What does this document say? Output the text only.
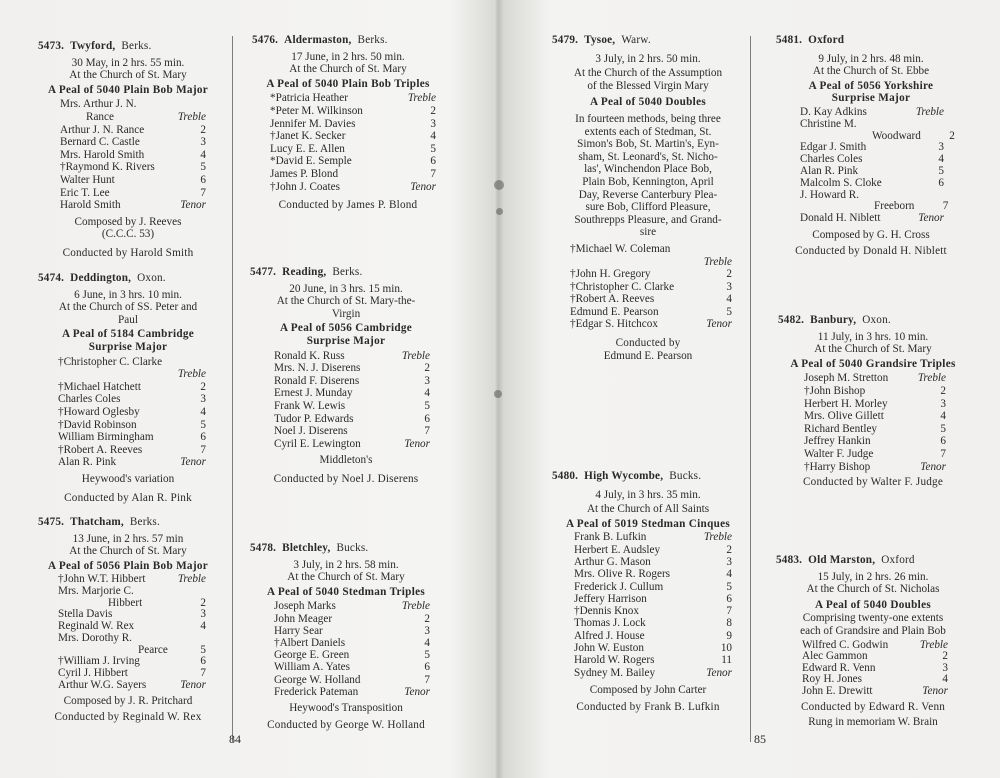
5473. Twyford, Berks.
30 May, in 2 hrs. 55 min.
At the Church of St. Mary
A Peal of 5040 Plain Bob Major
Mrs. Arthur J. N.
Rance	Treble
Arthur J. N. Rance	2
Bernard C. Castle	3
Mrs. Harold Smith	4
†Raymond K. Rivers	5
Walter Hunt	6
Eric T. Lee	7
Harold Smith	Tenor
Composed by J. Reeves
(C.C.C. 53)
Conducted by Harold Smith
5474. Deddington, Oxon.
6 June, in 3 hrs. 10 min.
At the Church of SS. Peter and
Paul
A Peal of 5184 Cambridge
Surprise Major
†Christopher C. Clarke
Treble
†Michael Hatchett	2
Charles Coles	3
†Howard Oglesby	4
†David Robinson	5
William Birmingham	6
†Robert A. Reeves	7
Alan R. Pink	Tenor
Heywood's variation
Conducted by Alan R. Pink
5475. Thatcham, Berks.
13 June, in 2 hrs. 57 min
At the Church of St. Mary
A Peal of 5056 Plain Bob Major
†John W.T. Hibbert	Treble
Mrs. Marjorie C.
Hibbert	2
Stella Davis	3
Reginald W. Rex	4
Mrs. Dorothy R.
Pearce	5
†William J. Irving	6
Cyril J. Hibbert	7
Arthur W.G. Sayers	Tenor
Composed by J. R. Pritchard
Conducted by Reginald W. Rex
5476. Aldermaston, Berks.
17 June, in 2 hrs. 50 min.
At the Church of St. Mary
A Peal of 5040 Plain Bob Triples
*Patricia Heather	Treble
*Peter M. Wilkinson	2
Jennifer M. Davies	3
†Janet K. Secker	4
Lucy E. E. Allen	5
*David E. Semple	6
James P. Blond	7
†John J. Coates	Tenor
Conducted by James P. Blond
5477. Reading, Berks.
20 June, in 3 hrs. 15 min.
At the Church of St. Mary-the-
Virgin
A Peal of 5056 Cambridge
Surprise Major
Ronald K. Russ	Treble
Mrs. N. J. Diserens	2
Ronald F. Diserens	3
Ernest J. Munday	4
Frank W. Lewis	5
Tudor P. Edwards	6
Noel J. Diserens	7
Cyril E. Lewington	Tenor
Middleton's
Conducted by Noel J. Diserens
5478. Bletchley, Bucks.
3 July, in 2 hrs. 58 min.
At the Church of St. Mary
A Peal of 5040 Stedman Triples
Joseph Marks	Treble
John Meager	2
Harry Sear	3
†Albert Daniels	4
George E. Green	5
William A. Yates	6
George W. Holland	7
Frederick Pateman	Tenor
Heywood's Transposition
Conducted by George W. Holland
84
5479. Tysoe, Warw.
3 July, in 2 hrs. 50 min.
At the Church of the Assumption
of the Blessed Virgin Mary
A Peal of 5040 Doubles
In fourteen methods, being three
extents each of Stedman, St.
Simon's Bob, St. Martin's, Eyn-
sham, St. Leonard's, St. Nicho-
las', Winchendon Place Bob,
Plain Bob, Kennington, April
Day, Reverse Canterbury Plea-
sure Bob, Clifford Pleasure,
Southrepps Pleasure, and Grand-
sire
†Michael W. Coleman
Treble
†John H. Gregory	2
†Christopher C. Clarke	3
†Robert A. Reeves	4
Edmund E. Pearson	5
†Edgar S. Hitchcox	Tenor
Conducted by
Edmund E. Pearson
5480. High Wycombe, Bucks.
4 July, in 3 hrs. 35 min.
At the Church of All Saints
A Peal of 5019 Stedman Cinques
Frank B. Lufkin	Treble
Herbert E. Audsley	2
Arthur G. Mason	3
Mrs. Olive R. Rogers	4
Frederick J. Cullum	5
Jeffery Harrison	6
†Dennis Knox	7
Thomas J. Lock	8
Alfred J. House	9
John W. Euston	10
Harold W. Rogers	11
Sydney M. Bailey	Tenor
Composed by John Carter
Conducted by Frank B. Lufkin
5481. Oxford
9 July, in 2 hrs. 48 min.
At the Church of St. Ebbe
A Peal of 5056 Yorkshire
Surprise Major
D. Kay Adkins	Treble
Christine M.
Woodward	2
Edgar J. Smith	3
Charles Coles	4
Alan R. Pink	5
Malcolm S. Cloke	6
J. Howard R.
Freeborn	7
Donald H. Niblett	Tenor
Composed by G. H. Cross
Conducted by Donald H. Niblett
5482. Banbury, Oxon.
11 July, in 3 hrs. 10 min.
At the Church of St. Mary
A Peal of 5040 Grandsire Triples
Joseph M. Stretton	Treble
†John Bishop	2
Herbert H. Morley	3
Mrs. Olive Gillett	4
Richard Bentley	5
Jeffrey Hankin	6
Walter F. Judge	7
†Harry Bishop	Tenor
Conducted by Walter F. Judge
5483. Old Marston, Oxford
15 July, in 2 hrs. 26 min.
At the Church of St. Nicholas
A Peal of 5040 Doubles
Comprising twenty-one extents
each of Grandsire and Plain Bob
Wilfred C. Godwin	Treble
Alec Gammon	2
Edward R. Venn	3
Roy H. Jones	4
John E. Drewitt	Tenor
Conducted by Edward R. Venn
Rung in memoriam W. Brain
85
